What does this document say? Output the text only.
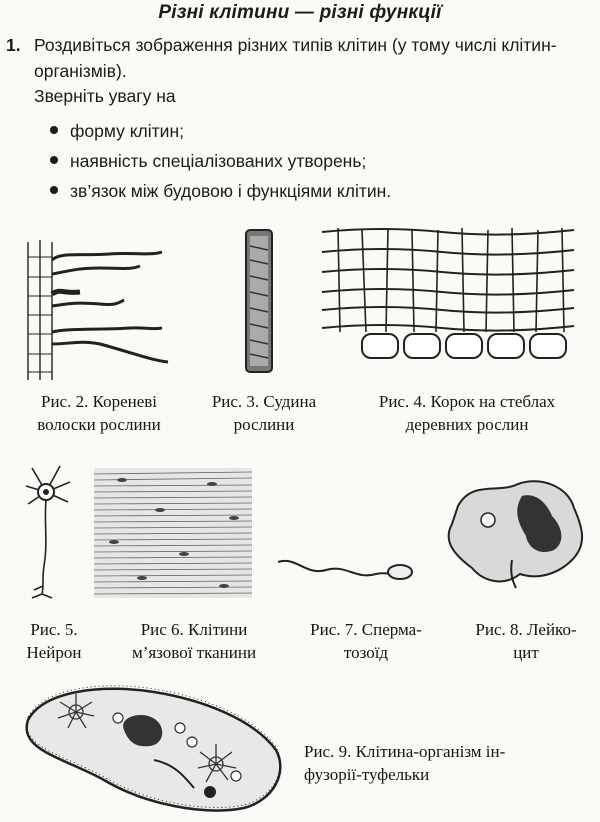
Різні клітини — різні функції
1. Роздивіться зображення різних типів клітин (у тому числі клітин-організмів).
Зверніть увагу на
форму клітин;
наявність спеціалізованих утворень;
зв’язок між будовою і функціями клітин.
Рис. 2. Кореневі
волоски рослини
Рис. 3. Судина
рослини
Рис. 4. Корок на стеблах
деревних рослин
Рис. 5.
Нейрон
Рис 6. Клітини
м’язової тканини
Рис. 7. Сперма-
тозоїд
Рис. 8. Лейко-
цит
Рис. 9. Клітина-організм ін-
фузорії-туфельки
